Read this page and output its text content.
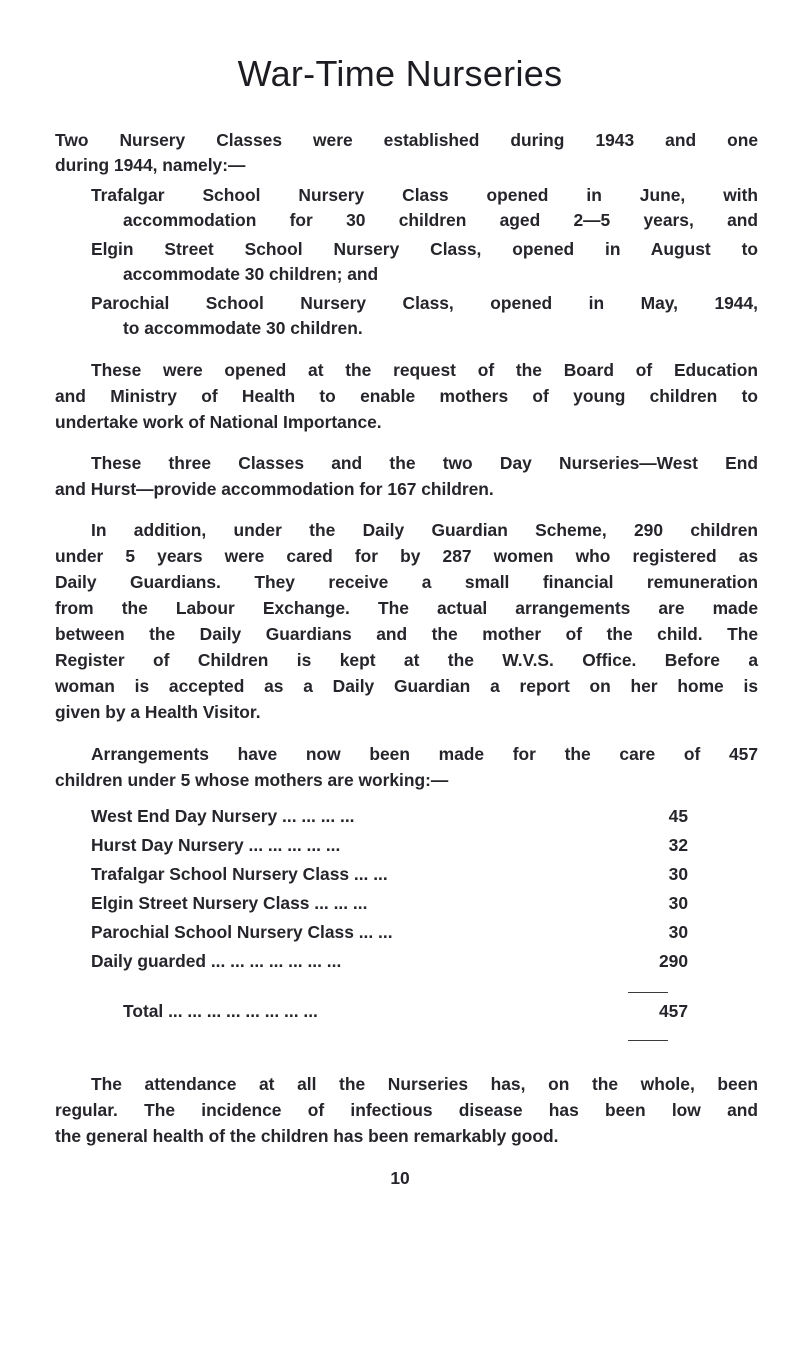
War-Time Nurseries
Two Nursery Classes were established during 1943 and one
during 1944, namely:—
Trafalgar School Nursery Class opened in June, with
accommodation for 30 children aged 2—5 years, and
Elgin Street School Nursery Class, opened in August to
accommodate 30 children; and
Parochial School Nursery Class, opened in May, 1944,
to accommodate 30 children.
These were opened at the request of the Board of Education
and Ministry of Health to enable mothers of young children to
undertake work of National Importance.
These three Classes and the two Day Nurseries—West End
and Hurst—provide accommodation for 167 children.
In addition, under the Daily Guardian Scheme, 290 children
under 5 years were cared for by 287 women who registered as
Daily Guardians. They receive a small financial remuneration
from the Labour Exchange. The actual arrangements are made
between the Daily Guardians and the mother of the child. The
Register of Children is kept at the W.V.S. Office. Before a
woman is accepted as a Daily Guardian a report on her home is
given by a Health Visitor.
Arrangements have now been made for the care of 457
children under 5 whose mothers are working:—
West End Day Nursery ... ... ... ...	45
Hurst Day Nursery ... ... ... ... ...	32
Trafalgar School Nursery Class ... ...	30
Elgin Street Nursery Class ... ... ...	30
Parochial School Nursery Class ... ...	30
Daily guarded ... ... ... ... ... ... ...	290
Total ... ... ... ... ... ... ... ...	457
The attendance at all the Nurseries has, on the whole, been
regular. The incidence of infectious disease has been low and
the general health of the children has been remarkably good.
10
